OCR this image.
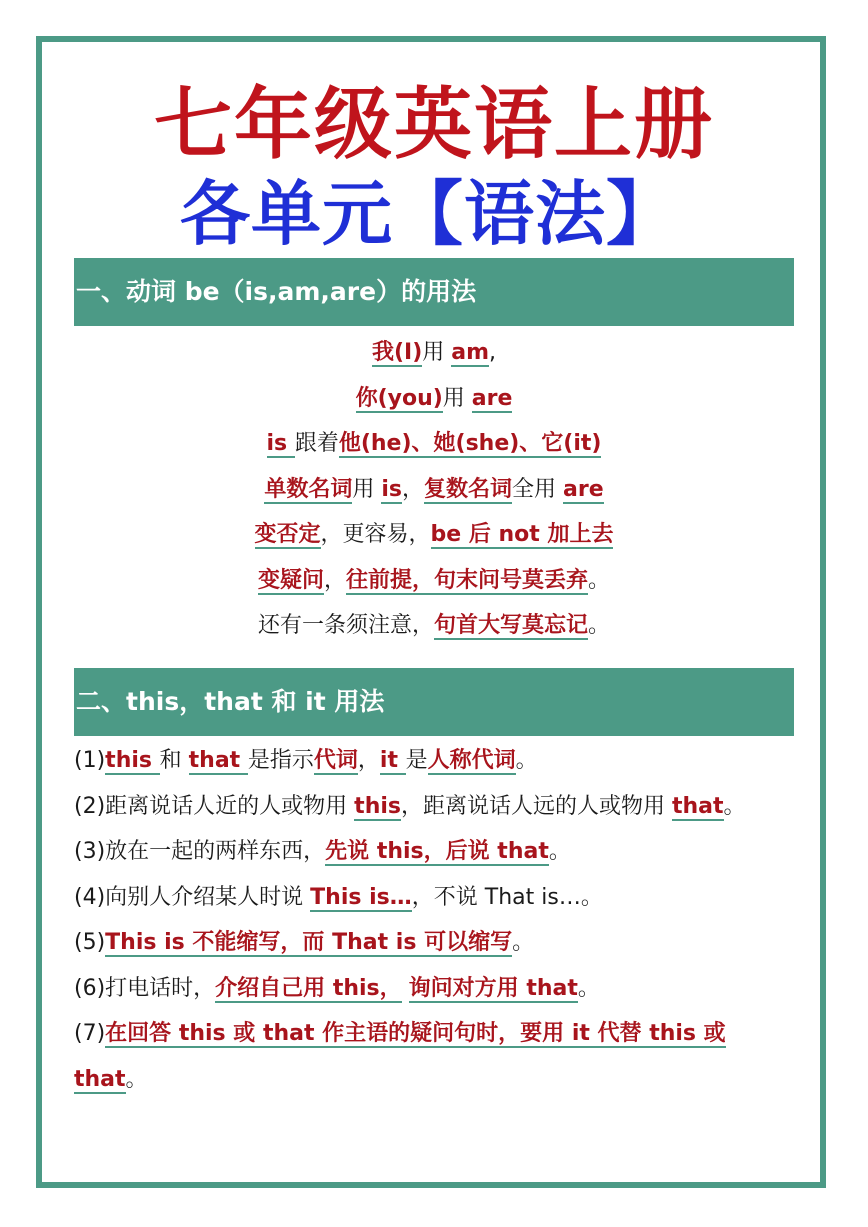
七年级英语上册
各单元【语法】
一、动词 be（is,am,are）的用法
我(I)用 am,
你(you)用 are
is 跟着他(he)、她(she)、它(it)
单数名词用 is，复数名词全用 are
变否定，更容易，be 后 not 加上去
变疑问，往前提，句末问号莫丢弃。
还有一条须注意，句首大写莫忘记。
二、this，that 和 it 用法
(1)this 和 that 是指示代词，it 是人称代词。
(2)距离说话人近的人或物用 this，距离说话人远的人或物用 that。
(3)放在一起的两样东西，先说 this，后说 that。
(4)向别人介绍某人时说 This is…，不说 That is…。
(5)This is 不能缩写，而 That is 可以缩写。
(6)打电话时，介绍自己用 this， 询问对方用 that。
(7)在回答 this 或 that 作主语的疑问句时，要用 it 代替 this 或 that。
